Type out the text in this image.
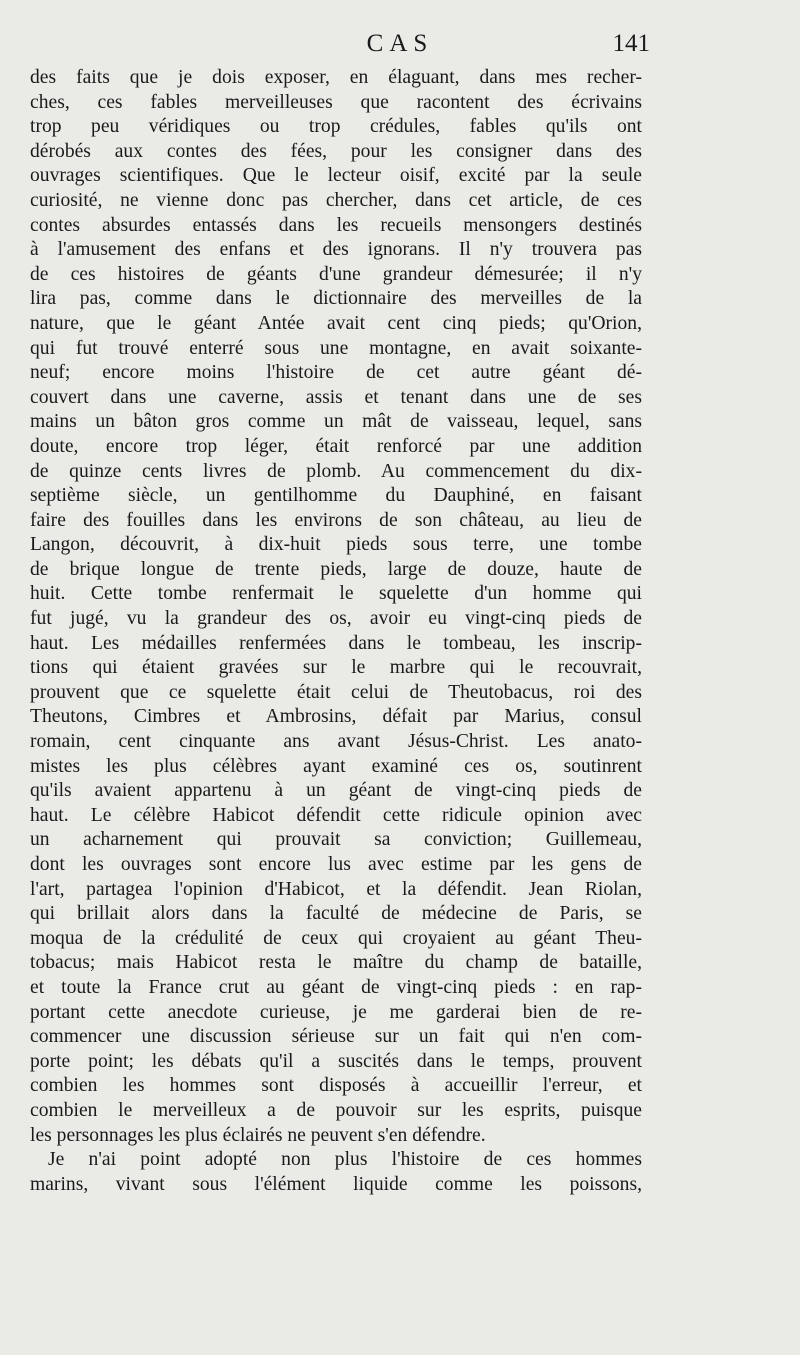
CAS	141
des faits que je dois exposer, en élaguant, dans mes recher-
ches, ces fables merveilleuses que racontent des écrivains
trop peu véridiques ou trop crédules, fables qu'ils ont
dérobés aux contes des fées, pour les consigner dans des
ouvrages scientifiques. Que le lecteur oisif, excité par la seule
curiosité, ne vienne donc pas chercher, dans cet article, de ces
contes absurdes entassés dans les recueils mensongers destinés
à l'amusement des enfans et des ignorans. Il n'y trouvera pas
de ces histoires de géants d'une grandeur démesurée; il n'y
lira pas, comme dans le dictionnaire des merveilles de la
nature, que le géant Antée avait cent cinq pieds; qu'Orion,
qui fut trouvé enterré sous une montagne, en avait soixante-
neuf; encore moins l'histoire de cet autre géant dé-
couvert dans une caverne, assis et tenant dans une de ses
mains un bâton gros comme un mât de vaisseau, lequel, sans
doute, encore trop léger, était renforcé par une addition
de quinze cents livres de plomb. Au commencement du dix-
septième siècle, un gentilhomme du Dauphiné, en faisant
faire des fouilles dans les environs de son château, au lieu de
Langon, découvrit, à dix-huit pieds sous terre, une tombe
de brique longue de trente pieds, large de douze, haute de
huit. Cette tombe renfermait le squelette d'un homme qui
fut jugé, vu la grandeur des os, avoir eu vingt-cinq pieds de
haut. Les médailles renfermées dans le tombeau, les inscrip-
tions qui étaient gravées sur le marbre qui le recouvrait,
prouvent que ce squelette était celui de Theutobacus, roi des
Theutons, Cimbres et Ambrosins, défait par Marius, consul
romain, cent cinquante ans avant Jésus-Christ. Les anato-
mistes les plus célèbres ayant examiné ces os, soutinrent
qu'ils avaient appartenu à un géant de vingt-cinq pieds de
haut. Le célèbre Habicot défendit cette ridicule opinion avec
un acharnement qui prouvait sa conviction; Guillemeau,
dont les ouvrages sont encore lus avec estime par les gens de
l'art, partagea l'opinion d'Habicot, et la défendit. Jean Riolan,
qui brillait alors dans la faculté de médecine de Paris, se
moqua de la crédulité de ceux qui croyaient au géant Theu-
tobacus; mais Habicot resta le maître du champ de bataille,
et toute la France crut au géant de vingt-cinq pieds : en rap-
portant cette anecdote curieuse, je me garderai bien de re-
commencer une discussion sérieuse sur un fait qui n'en com-
porte point; les débats qu'il a suscités dans le temps, prouvent
combien les hommes sont disposés à accueillir l'erreur, et
combien le merveilleux a de pouvoir sur les esprits, puisque
les personnages les plus éclairés ne peuvent s'en défendre.
Je n'ai point adopté non plus l'histoire de ces hommes
marins, vivant sous l'élément liquide comme les poissons,
